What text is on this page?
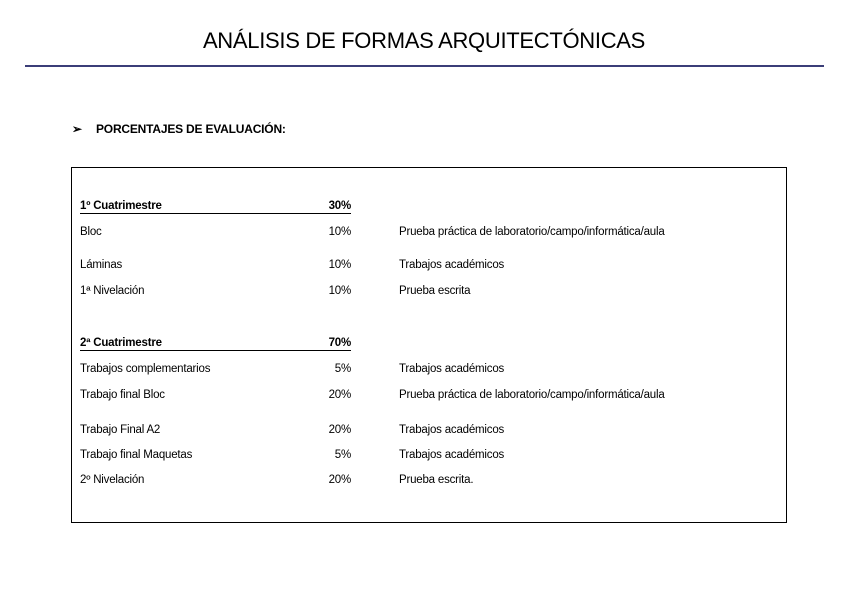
ANÁLISIS DE FORMAS ARQUITECTÓNICAS
➢	PORCENTAJES DE EVALUACIÓN:
1º Cuatrimestre	30%
Bloc	10%	Prueba práctica de laboratorio/campo/informática/aula
Láminas	10%	Trabajos académicos
1ª Nivelación	10%	Prueba escrita
2ª Cuatrimestre	70%
Trabajos complementarios	5%	Trabajos académicos
Trabajo final Bloc	20%	Prueba práctica de laboratorio/campo/informática/aula
Trabajo Final A2	20%	Trabajos académicos
Trabajo final Maquetas	5%	Trabajos académicos
2º Nivelación	20%	Prueba escrita.
